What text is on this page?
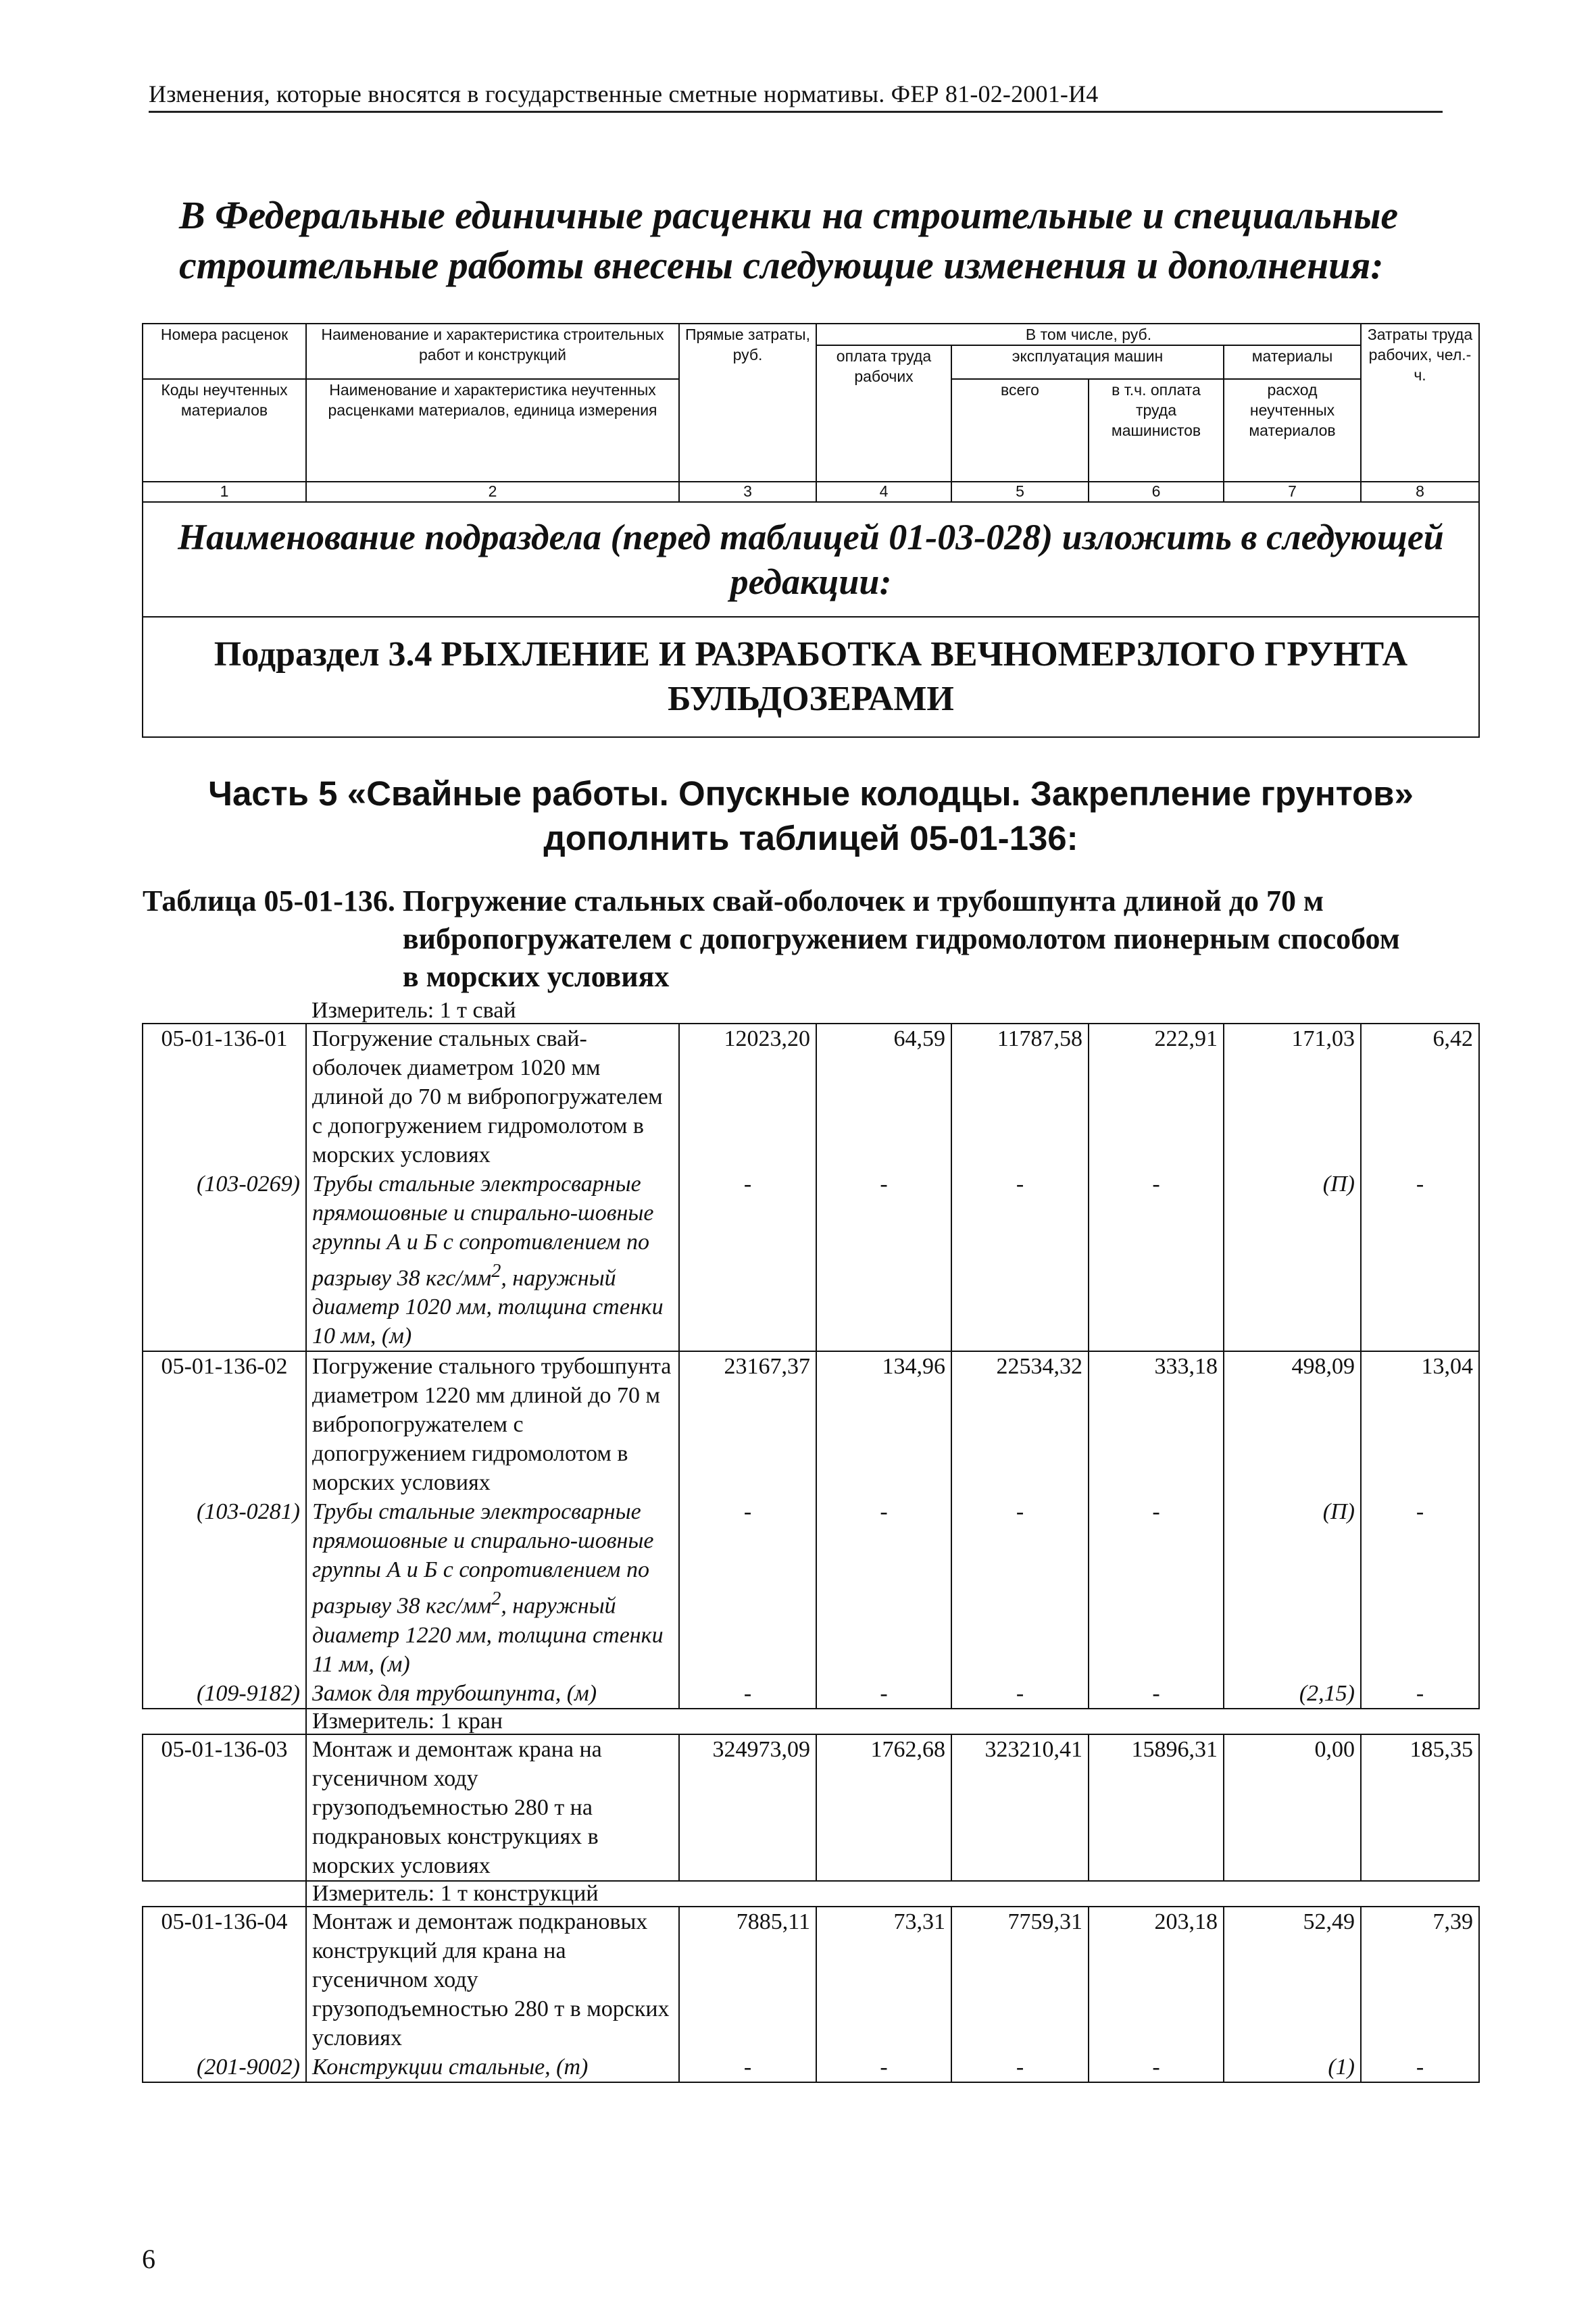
Изменения, которые вносятся в государственные сметные нормативы. ФЕР 81-02-2001-И4
В Федеральные единичные расценки на строительные и специальные строительные работы внесены следующие изменения и дополнения:
Номера расценок	Наименование и характеристика строительных работ и конструкций	Прямые затраты, руб.	В том числе, руб.				Затраты труда рабочих, чел.-ч.
			оплата труда рабочих	эксплуатация машин		материалы	
Коды неучтенных материалов	Наименование и характеристика неучтенных расценками материалов, единица измерения			всего	в т.ч. оплата труда машинистов	расход неучтенных материалов	

1	2	3	4	5	6	7	8
Наименование подраздела (перед таблицей 01-03-028) изложить в следующей редакции:							
Подраздел 3.4 РЫХЛЕНИЕ И РАЗРАБОТКА ВЕЧНОМЕРЗЛОГО ГРУНТА БУЛЬДОЗЕРАМИ							
Часть 5 «Свайные работы. Опускные колодцы. Закрепление грунтов» дополнить таблицей 05-01-136:							
Таблица 05-01-136. Погружение стальных свай-оболочек и трубошпунта длиной до 70 м вибропогружателем с допогружением гидромолотом пионерным способом в морских условиях							
	Измеритель: 1 т свай						
05-01-136-01	Погружение стальных свай-оболочек диаметром 1020 мм длиной до 70 м вибропогружателем с допогружением гидромолотом в морских условиях	12023,20	64,59	11787,58	222,91	171,03	6,42
(103-0269)	Трубы стальные электросварные прямошовные и спирально-шовные группы А и Б с сопротивлением по разрыву 38 кгс/$мм^2$, наружный диаметр 1020 мм, толщина стенки 10 мм, (м)	-	-	-	-	(П)	-
05-01-136-02	Погружение стального трубошпунта диаметром 1220 мм длиной до 70 м вибропогружателем с допогружением гидромолотом в морских условиях	23167,37	134,96	22534,32	333,18	498,09	13,04
(103-0281)	Трубы стальные электросварные прямошовные и спирально-шовные группы А и Б с сопротивлением по разрыву 38 кгс/$мм^2$, наружный диаметр 1220 мм, толщина стенки 11 мм, (м)	-	-	-	-	(П)	-
(109-9182)	Замок для трубошпунта, (м)	-	-	-	-	(2,15)	-
	Измеритель: 1 кран						
05-01-136-03	Монтаж и демонтаж крана на гусеничном ходу грузоподъемностью 280 т на подкрановых конструкциях в морских условиях	324973,09	1762,68	323210,41	15896,31	0,00	185,35
	Измеритель: 1 т конструкций						
05-01-136-04	Монтаж и демонтаж подкрановых конструкций для крана на гусеничном ходу грузоподъемностью 280 т в морских условиях	7885,11	73,31	7759,31	203,18	52,49	7,39
(201-9002)	Конструкции стальные, (т)	-	-	-	-	(1)	-
6
